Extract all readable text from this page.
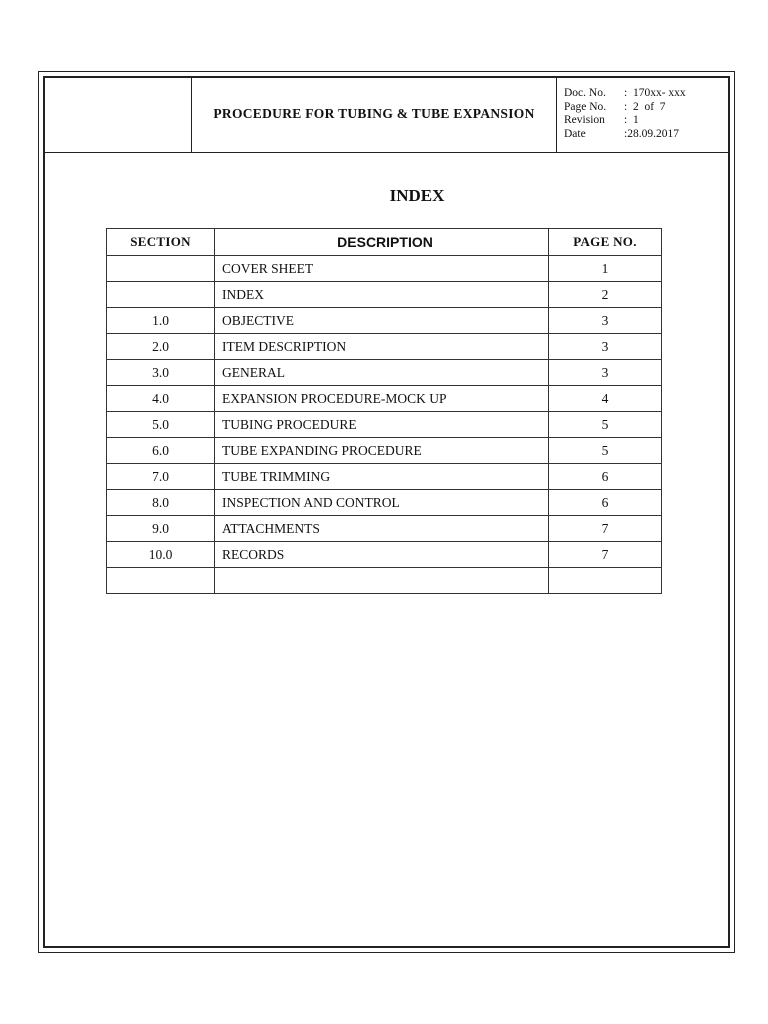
PROCEDURE FOR TUBING & TUBE EXPANSION
Doc. No. : 170xx- xxx
Page No. : 2  of  7
Revision : 1
Date	:28.09.2017
INDEX
SECTION	DESCRIPTION	PAGE NO.
	COVER SHEET	1
	INDEX	2
1.0	OBJECTIVE	3
2.0	ITEM DESCRIPTION	3
3.0	GENERAL	3
4.0	EXPANSION PROCEDURE-MOCK UP	4
5.0	TUBING PROCEDURE	5
6.0	TUBE EXPANDING PROCEDURE	5
7.0	TUBE TRIMMING	6
8.0	INSPECTION AND CONTROL	6
9.0	ATTACHMENTS	7
10.0	RECORDS	7
